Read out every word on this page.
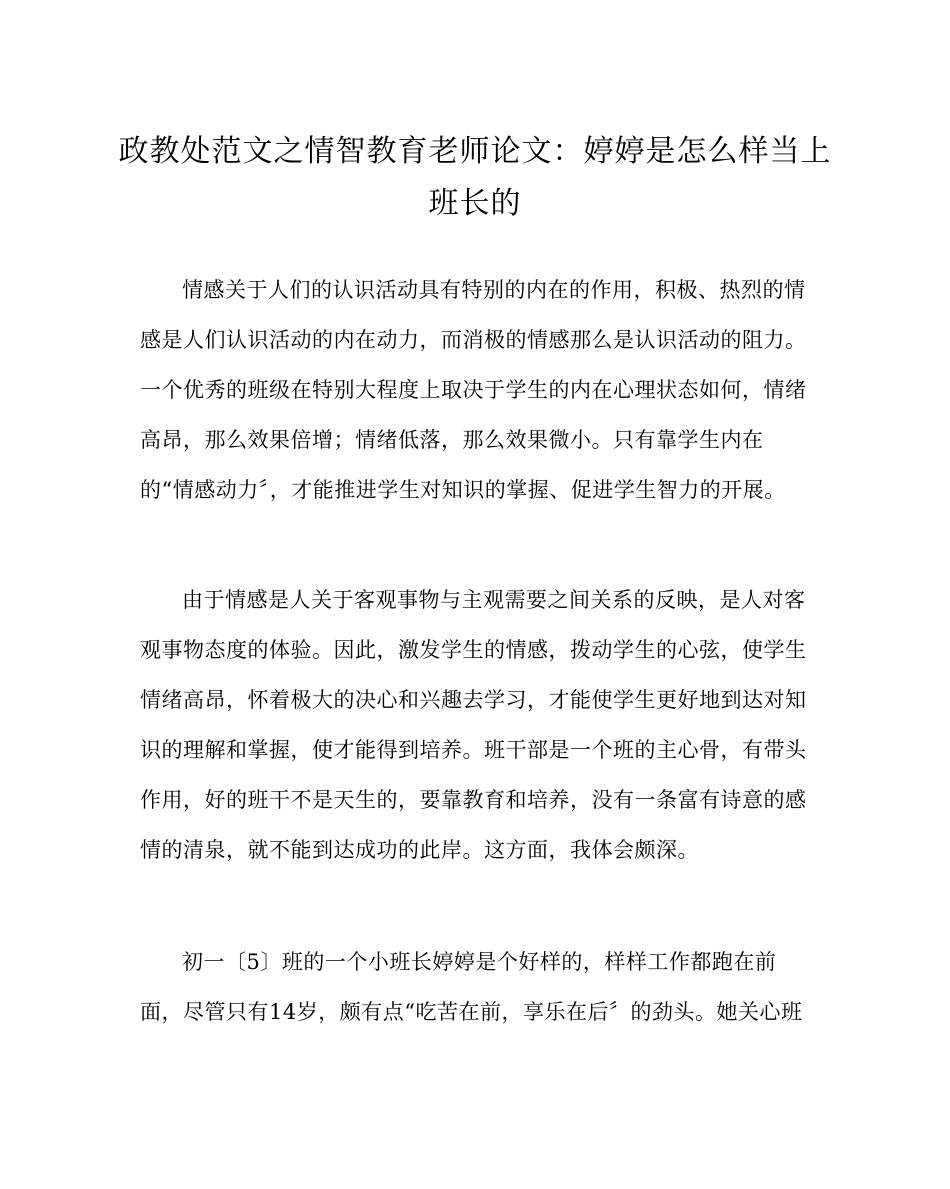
政教处范文之情智教育老师论文：婷婷是怎么样当上班长的

情感关于人们的认识活动具有特别的内在的作用，积极、热烈的情感是人们认识活动的内在动力，而消极的情感那么是认识活动的阻力。一个优秀的班级在特别大程度上取决于学生的内在心理状态如何，情绪高昂，那么效果倍增；情绪低落，那么效果微小。只有靠学生内在的“情感动力〞，才能推进学生对知识的掌握、促进学生智力的开展。

由于情感是人关于客观事物与主观需要之间关系的反映，是人对客观事物态度的体验。因此，激发学生的情感，拨动学生的心弦，使学生情绪高昂，怀着极大的决心和兴趣去学习，才能使学生更好地到达对知识的理解和掌握，使才能得到培养。班干部是一个班的主心骨，有带头作用，好的班干不是天生的，要靠教育和培养，没有一条富有诗意的感情的清泉，就不能到达成功的此岸。这方面，我体会颇深。

初一〔5〕班的一个小班长婷婷是个好样的，样样工作都跑在前面，尽管只有14岁，颇有点“吃苦在前，享乐在后〞的劲头。她关心班
